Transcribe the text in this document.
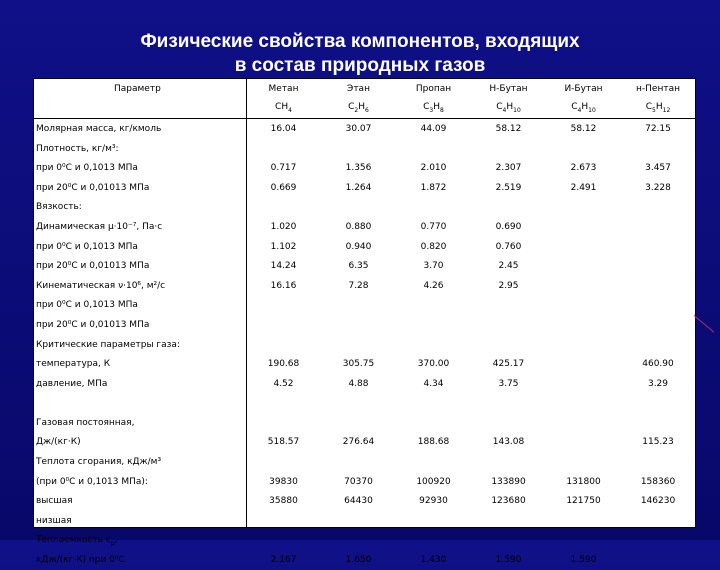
Физические свойства компонентов, входящих
в состав природных газов
Параметр	Метан	Этан	Пропан	Н-Бутан	И-Бутан	н-Пентан
	$CH_4$	$C_2H_6$	$C_3H_8$	$C_4H_{10}$	$C_4H_{10}$	$C_5H_{12}$
Молярная масса, кг/кмоль	16.04	30.07	44.09	58.12	58.12	72.15
Плотность, кг/м³:						
при 0⁰С и 0,1013 МПа	0.717	1.356	2.010	2.307	2.673	3.457
при 20⁰С и 0,01013 МПа	0.669	1.264	1.872	2.519	2.491	3.228
Вязкость:						
Динамическая μ·10⁻⁷, Па·с	1.020	0.880	0.770	0.690		
при 0⁰С и 0,1013 МПа	1.102	0.940	0.820	0.760		
при 20⁰С и 0,01013 МПа	14.24	6.35	3.70	2.45		
Кинематическая ν·10⁶, м²/с	16.16	7.28	4.26	2.95		
при 0⁰С и 0,1013 МПа						
при 20⁰С и 0,01013 МПа						
Критические параметры газа:						
температура, К	190.68	305.75	370.00	425.17		460.90
давление, МПа	4.52	4.88	4.34	3.75		3.29

Газовая постоянная,						
Дж/(кг·К)	518.57	276.64	188.68	143.08		115.23
Теплота сгорания, кДж/м³						
(при 0⁰С и 0,1013 МПа):	39830	70370	100920	133890	131800	158360
высшая	35880	64430	92930	123680	121750	146230
низшая						
Теплоемкость $c_p$,						
кДж/(кг·К) при 0⁰С	2.167	1.650	1.430	1.590	1.590	
